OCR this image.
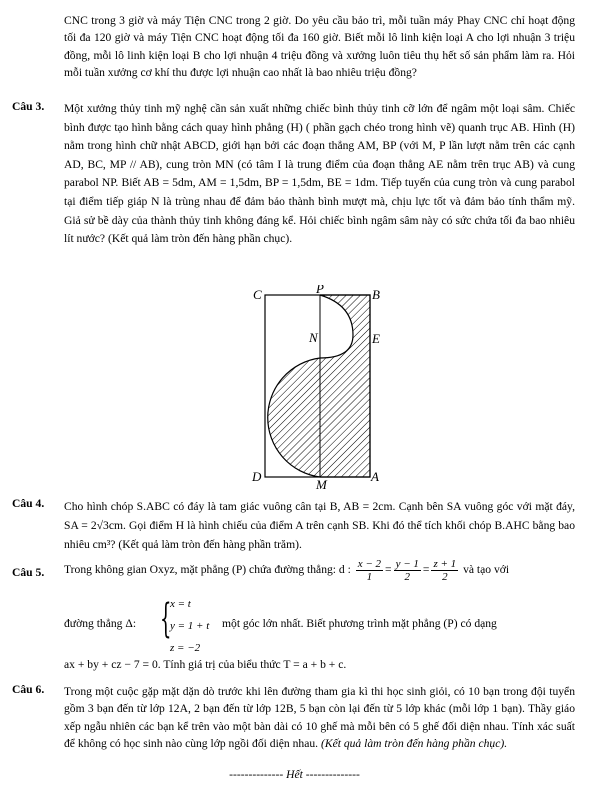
CNC trong 3 giờ và máy Tiện CNC trong 2 giờ. Do yêu cầu bảo trì, mỗi tuần máy Phay CNC chỉ hoạt động tối đa 120 giờ và máy Tiện CNC hoạt động tối đa 160 giờ. Biết mỗi lô linh kiện loại A cho lợi nhuận 3 triệu đồng, mỗi lô linh kiện loại B cho lợi nhuận 4 triệu đồng và xưởng luôn tiêu thụ hết số sản phẩm làm ra. Hỏi mỗi tuần xưởng cơ khí thu được lợi nhuận cao nhất là bao nhiêu triệu đồng?
Câu 3. Một xưởng thủy tinh mỹ nghệ cần sản xuất những chiếc bình thủy tinh cỡ lớn để ngâm một loại sâm. Chiếc bình được tạo hình bằng cách quay hình phẳng (H) ( phần gạch chéo trong hình vẽ) quanh trục AB. Hình (H) nằm trong hình chữ nhật ABCD, giới hạn bởi các đoạn thẳng AM, BP (với M, P lần lượt nằm trên các cạnh AD, BC, MP // AB), cung tròn MN (có tâm I là trung điểm của đoạn thẳng AE nằm trên trục AB) và cung parabol NP. Biết AB = 5dm, AM = 1,5dm, BP = 1,5dm, BE = 1dm. Tiếp tuyến của cung tròn và cung parabol tại điểm tiếp giáp N là trùng nhau để đảm bảo thành bình mượt mà, chịu lực tốt và đảm bảo tính thẩm mỹ. Giả sử bề dày của thành thủy tinh không đáng kể. Hỏi chiếc bình ngâm sâm này có sức chứa tối đa bao nhiêu lít nước? (Kết quả làm tròn đến hàng phần chục).
C	P	B
N	E
D
M
A
Câu 4. Cho hình chóp S.ABC có đáy là tam giác vuông cân tại B, AB = 2cm. Cạnh bên SA vuông góc với mặt đáy, SA = 2√3cm. Gọi điểm H là hình chiếu của điểm A trên cạnh SB. Khi đó thể tích khối chóp B.AHC bằng bao nhiêu cm³? (Kết quả làm tròn đến hàng phần trăm).
Câu 5. Trong không gian Oxyz, mặt phẳng (P) chứa đường thẳng: d : $\frac{x - 2}{1} = \frac{y - 1}{2} = \frac{z + 1}{2}$ và tạo với
đường thẳng Δ: {
x = t
y = 1 + t
z = −2
một góc lớn nhất. Biết phương trình mặt phẳng (P) có dạng
ax + by + cz − 7 = 0. Tính giá trị của biểu thức T = a + b + c.
Câu 6. Trong một cuộc gặp mặt dặn dò trước khi lên đường tham gia kì thi học sinh giỏi, có 10 bạn trong đội tuyển gồm 3 bạn đến từ lớp 12A, 2 bạn đến từ lớp 12B, 5 bạn còn lại đến từ 5 lớp khác (mỗi lớp 1 bạn). Thầy giáo xếp ngẫu nhiên các bạn kể trên vào một bàn dài có 10 ghế mà mỗi bên có 5 ghế đối diện nhau. Tính xác suất để không có học sinh nào cùng lớp ngồi đối diện nhau. (Kết quả làm tròn đến hàng phần chục).
-------------- Hết --------------
